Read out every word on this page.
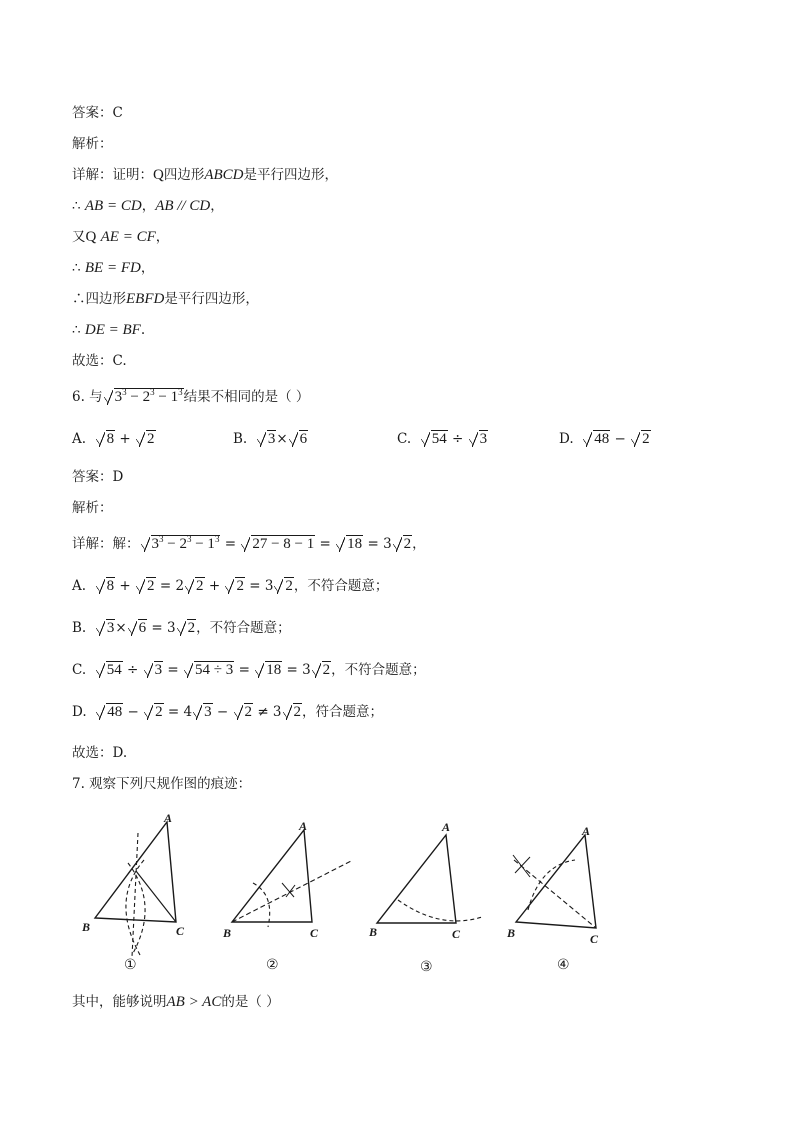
答案：C
解析：
详解：证明：Q四边形ABCD是平行四边形，
∴ AB = CD，AB // CD，
又Q AE = CF，
∴ BE = FD，
∴四边形EBFD是平行四边形，
∴ DE = BF.
故选：C.
6. 与 $3^3 - 2^3 - 1^3$结果不相同的是（ ）
A. 8 + 2	B. 3× 6	C. 54 ÷ 3	D. 48 − 2
答案：D
解析：
详解：解： $3^3 - 2^3 - 1^3 = 27 - 8 - 1 = 18 = 3$ 2，
A. 8 + 2 = 2 2 + 2 = 3 2，不符合题意；
B. 3× 6 = 3 2，不符合题意；
C. 54 ÷ 3 = 54 ÷ 3 = 18 = 3 2，不符合题意；
D. 48 − 2 = 4 3 − 2 ≠ 3 2，符合题意；
故选：D.
7. 观察下列尺规作图的痕迹：
A
B	C
A
B	C
A
B	C
A
B	C
①	②	③	④
其中，能够说明AB > AC的是（ ）
